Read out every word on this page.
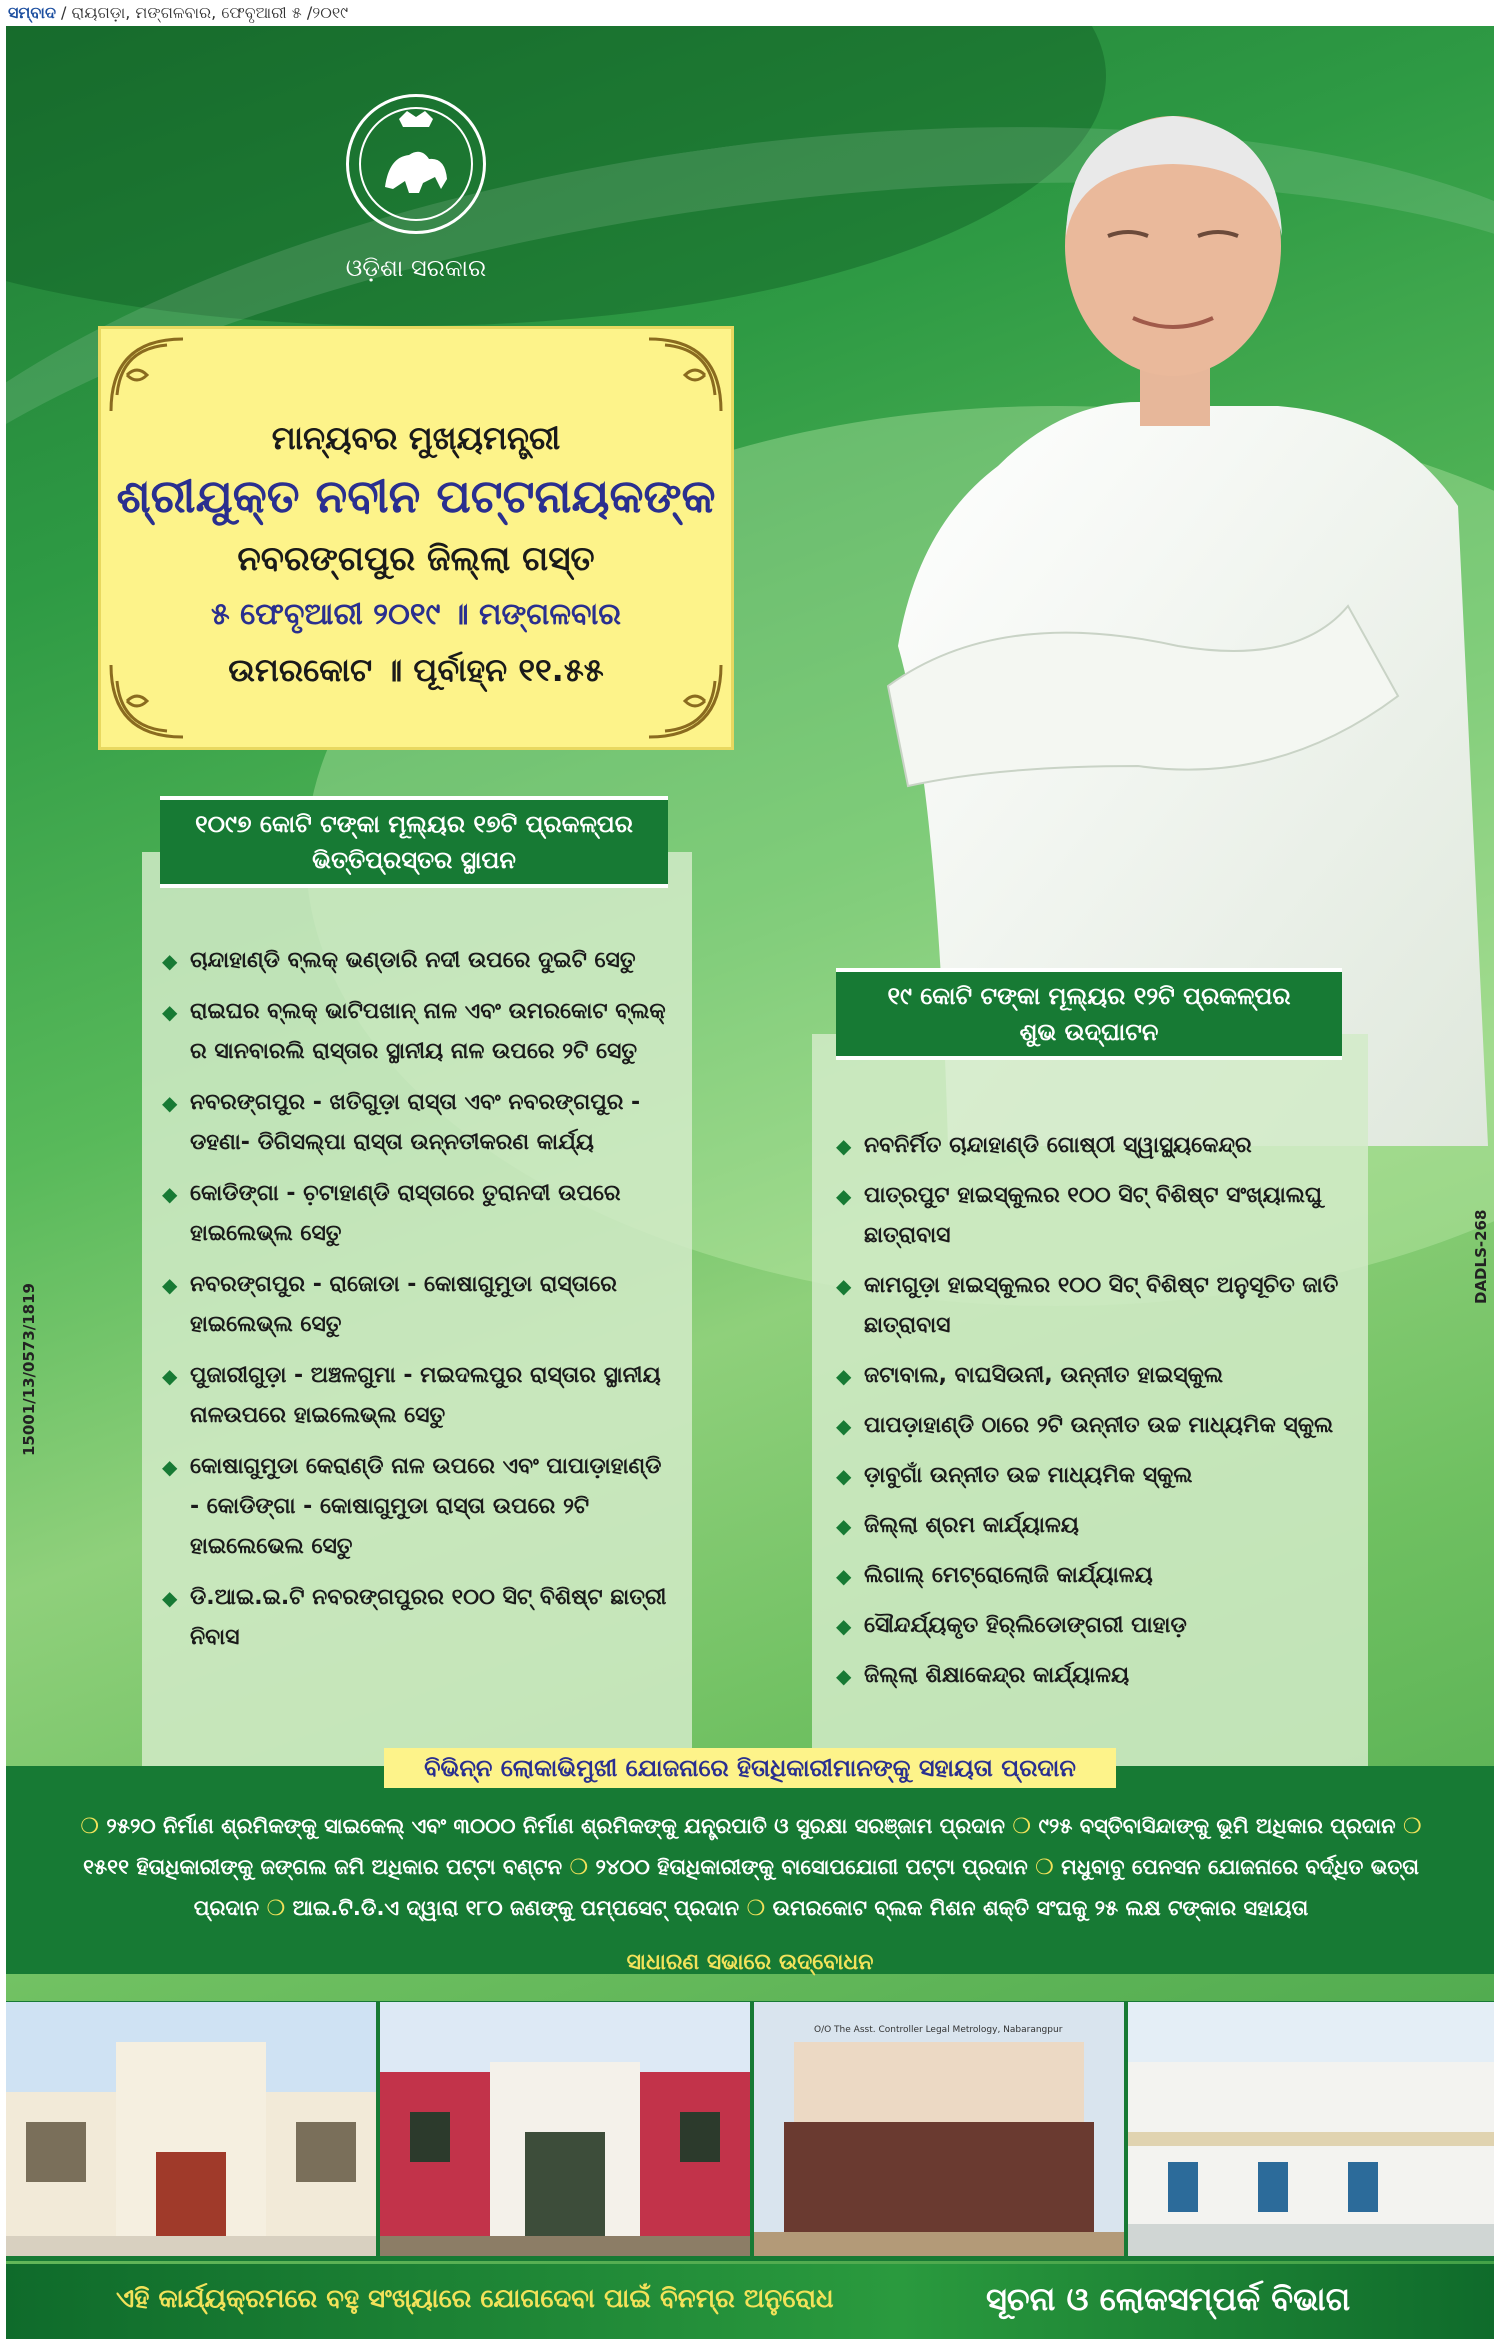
ସମ୍ବାଦ / ରାୟଗଡ଼ା, ମଙ୍ଗଳବାର, ଫେବୃଆରୀ ୫ /୨୦୧୯
15001/13/0573/1819
DADLS-268
ଓଡ଼ିଶା ସରକାର
ମାନ୍ୟବର ମୁଖ୍ୟମନ୍ତ୍ରୀ
ଶ୍ରୀଯୁକ୍ତ ନବୀନ ପଟ୍ଟନାୟକଙ୍କ
ନବରଙ୍ଗପୁର ଜିଲ୍ଲା ଗସ୍ତ
୫ ଫେବୃଆରୀ ୨୦୧୯ ॥ ମଙ୍ଗଳବାର
ଉମରକୋଟ ॥ ପୂର୍ବାହ୍ନ ୧୧.୫୫
୧୦୯୭ କୋଟି ଟଙ୍କା ମୂଲ୍ୟର ୧୭ଟି ପ୍ରକଳ୍ପର
ଭିତ୍ତିପ୍ରସ୍ତର ସ୍ଥାପନ
◆ ଚାନ୍ଦାହାଣ୍ଡି ବ୍ଲକ୍ ଭଣ୍ଡାରି ନଦୀ ଉପରେ ଦୁଇଟି ସେତୁ
◆ ରାଇଘର ବ୍ଲକ୍ ଭାଟିପଖାନ୍ ନାଳ ଏବଂ ଉମରକୋଟ ବ୍ଲକ୍ ର ସାନବାରଲି ରାସ୍ତାର ସ୍ଥାନୀୟ ନାଳ ଉପରେ ୨ଟି ସେତୁ
◆ ନବରଙ୍ଗପୁର - ଖତିଗୁଡ଼ା ରାସ୍ତା ଏବଂ ନବରଙ୍ଗପୁର - ଡହଣା- ଡିଗିସଲ୍‌ପା ରାସ୍ତା ଉନ୍ନତୀକରଣ କାର୍ଯ୍ୟ
◆ କୋଡିଙ୍ଗା - ଚ଼ଟାହାଣ୍ଡି ରାସ୍ତାରେ ତୁରାନଦୀ ଉପରେ ହାଇଲେଭ୍‌ଲ ସେତୁ
◆ ନବରଙ୍ଗପୁର - ରାଜୋଡା - କୋଷାଗୁମୁଡା ରାସ୍ତାରେ ହାଇଲେଭ୍‌ଲ ସେତୁ
◆ ପୁଜାରୀଗୁଡ଼ା - ଅଞ୍ଚଳଗୁମା - ମଇଦଲପୁର ରାସ୍ତାର ସ୍ଥାନୀୟ ନାଳଉପରେ ହାଇଲେଭ୍‌ଲ ସେତୁ
◆ କୋଷାଗୁମୁଡା କେରାଣ୍ଡି ନାଳ ଉପରେ ଏବଂ ପାପାଡ଼ାହାଣ୍ଡି - କୋଡିଙ୍ଗା - କୋଷାଗୁମୁଡା ରାସ୍ତା ଉପରେ ୨ଟି ହାଇଲେଭେଲ ସେତୁ
◆ ଡି.ଆଇ.ଇ.ଟି ନବରଙ୍ଗପୁରର ୧୦୦ ସିଟ୍ ବିଶିଷ୍ଟ ଛାତ୍ରୀ ନିବାସ
୧୯ କୋଟି ଟଙ୍କା ମୂଲ୍ୟର ୧୨ଟି ପ୍ରକଳ୍ପର
ଶୁଭ ଉଦ୍‌ଘାଟନ
◆ ନବନିର୍ମିତ ଚାନ୍ଦାହାଣ୍ଡି ଗୋଷ୍ଠୀ ସ୍ୱାସ୍ଥ୍ୟକେନ୍ଦ୍ର
◆ ପାତ୍ରପୁଟ ହାଇସ୍କୁଲର ୧୦୦ ସିଟ୍ ବିଶିଷ୍ଟ ସଂଖ୍ୟାଲଘୁ ଛାତ୍ରାବାସ
◆ କାମଗୁଡ଼ା ହାଇସ୍କୁଲର ୧୦୦ ସିଟ୍ ବିଶିଷ୍ଟ ଅନୁସୂଚିତ ଜାତି ଛାତ୍ରାବାସ
◆ ଜଟାବାଲ, ବାଘସିଉନୀ, ଉନ୍ନୀତ ହାଇସ୍କୁଲ
◆ ପାପଡ଼ାହାଣ୍ଡି ଠାରେ ୨ଟି ଉନ୍ନୀତ ଉଚ୍ଚ ମାଧ୍ୟମିକ ସ୍କୁଲ
◆ ଡ଼ାବୁଗାଁ ଉନ୍ନୀତ ଉଚ୍ଚ ମାଧ୍ୟମିକ ସ୍କୁଲ
◆ ଜିଲ୍ଲା ଶ୍ରମ କାର୍ଯ୍ୟାଳୟ
◆ ଲିଗାଲ୍ ମେଟ୍ରୋଲୋଜି କାର୍ଯ୍ୟାଳୟ
◆ ସୌନ୍ଦର୍ଯ୍ୟକୃତ ହିର୍‌ଲିଡୋଙ୍ଗରୀ ପାହାଡ଼
◆ ଜିଲ୍ଲା ଶିକ୍ଷାକେନ୍ଦ୍ର କାର୍ଯ୍ୟାଳୟ
ବିଭିନ୍ନ ଲୋକାଭିମୁଖୀ ଯୋଜନାରେ ହିତାଧିକାରୀମାନଙ୍କୁ ସହାୟତା ପ୍ରଦାନ
❍ ୨୫୨୦ ନିର୍ମାଣ ଶ୍ରମିକଙ୍କୁ ସାଇକେଲ୍ ଏବଂ ୩୦୦୦ ନିର୍ମାଣ ଶ୍ରମିକଙ୍କୁ ଯନ୍ତ୍ରପାତି ଓ ସୁରକ୍ଷା ସରଞ୍ଜାମ ପ୍ରଦାନ ❍ ୯୨୫ ବସ୍ତିବାସିନ୍ଦାଙ୍କୁ ଭୂମି ଅଧିକାର ପ୍ରଦାନ ❍ ୧୫୧୧ ହିତାଧିକାରୀଙ୍କୁ ଜଙ୍ଗଲ ଜମି ଅଧିକାର ପଟ୍ଟା ବଣ୍ଟନ ❍ ୨୪୦୦ ହିତାଧିକାରୀଙ୍କୁ ବାସୋପଯୋଗୀ ପଟ୍ଟା ପ୍ରଦାନ ❍ ମଧୁବାବୁ ପେନସନ ଯୋଜନାରେ ବର୍ଦ୍ଧିତ ଭତ୍ତା ପ୍ରଦାନ ❍ ଆଇ.ଟି.ଡି.ଏ ଦ୍ୱାରା ୧୮୦ ଜଣଙ୍କୁ ପମ୍ପସେଟ୍ ପ୍ରଦାନ ❍ ଉମରକୋଟ ବ୍ଲକ ମିଶନ ଶକ୍ତି ସଂଘକୁ ୨୫ ଲକ୍ଷ ଟଙ୍କାର ସହାୟତା
ସାଧାରଣ ସଭାରେ ଉଦ୍‌ବୋଧନ
O/O The Asst. Controller Legal Metrology, Nabarangpur
ଏହି କାର୍ଯ୍ୟକ୍ରମରେ ବହୁ ସଂଖ୍ୟାରେ ଯୋଗଦେବା ପାଇଁ ବିନମ୍ର ଅନୁରୋଧ	ସୂଚନା ଓ ଲୋକସମ୍ପର୍କ ବିଭାଗ
